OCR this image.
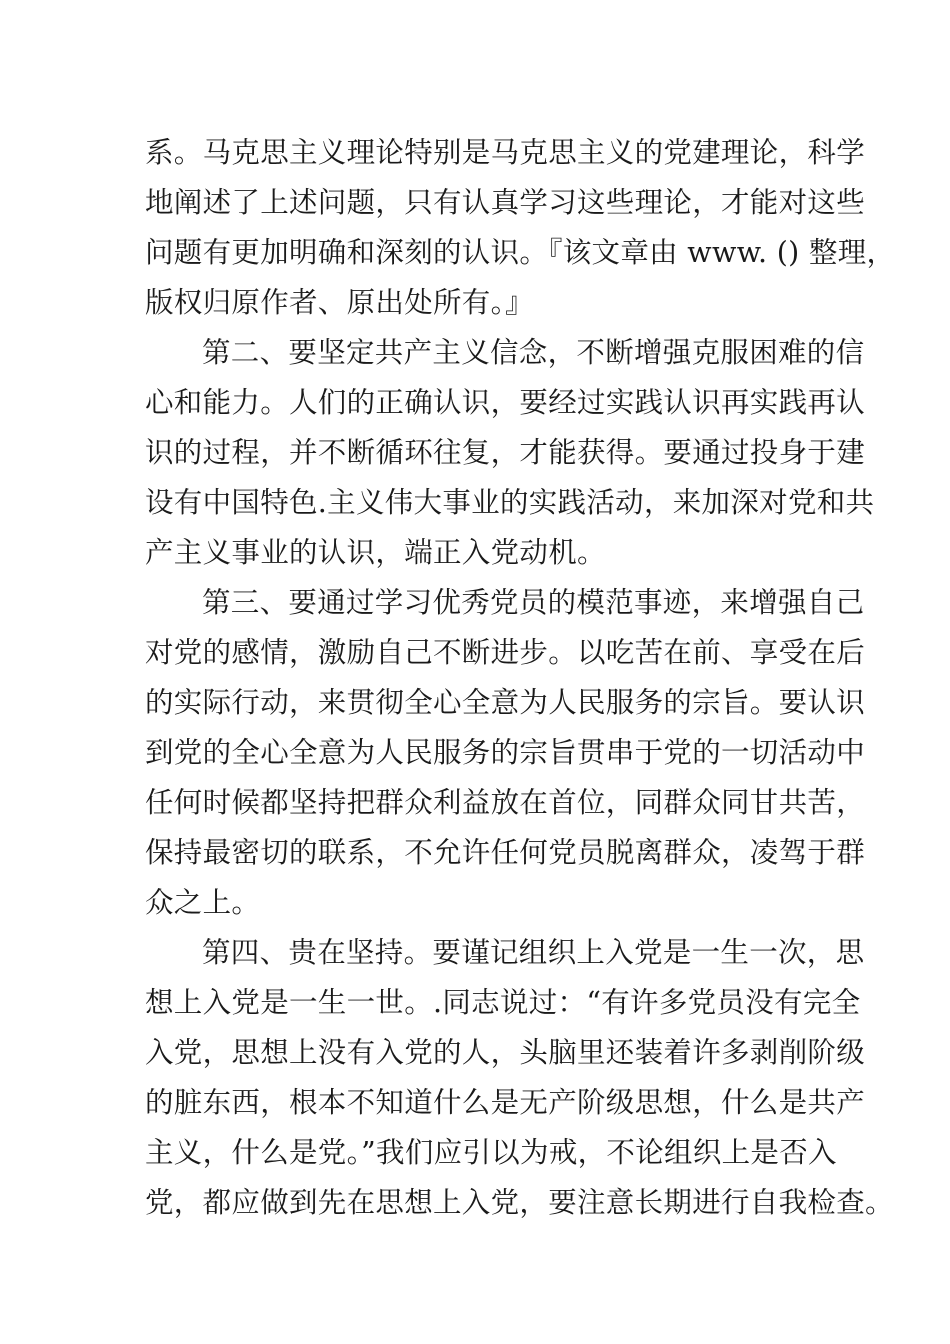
系。马克思主义理论特别是马克思主义的党建理论，科学
地阐述了上述问题，只有认真学习这些理论，才能对这些
问题有更加明确和深刻的认识。『该文章由 www. () 整理，
版权归原作者、原出处所有。』
第二、要坚定共产主义信念，不断增强克服困难的信
心和能力。人们的正确认识，要经过实践认识再实践再认
识的过程，并不断循环往复，才能获得。要通过投身于建
设有中国特色.主义伟大事业的实践活动，来加深对党和共
产主义事业的认识，端正入党动机。
第三、要通过学习优秀党员的模范事迹，来增强自己
对党的感情，激励自己不断进步。以吃苦在前、享受在后
的实际行动，来贯彻全心全意为人民服务的宗旨。要认识
到党的全心全意为人民服务的宗旨贯串于党的一切活动中
任何时候都坚持把群众利益放在首位，同群众同甘共苦，
保持最密切的联系，不允许任何党员脱离群众，凌驾于群
众之上。
第四、贵在坚持。要谨记组织上入党是一生一次，思
想上入党是一生一世。.同志说过：“有许多党员没有完全
入党，思想上没有入党的人，头脑里还装着许多剥削阶级
的脏东西，根本不知道什么是无产阶级思想，什么是共产
主义，什么是党。”我们应引以为戒，不论组织上是否入
党，都应做到先在思想上入党，要注意长期进行自我检查。
